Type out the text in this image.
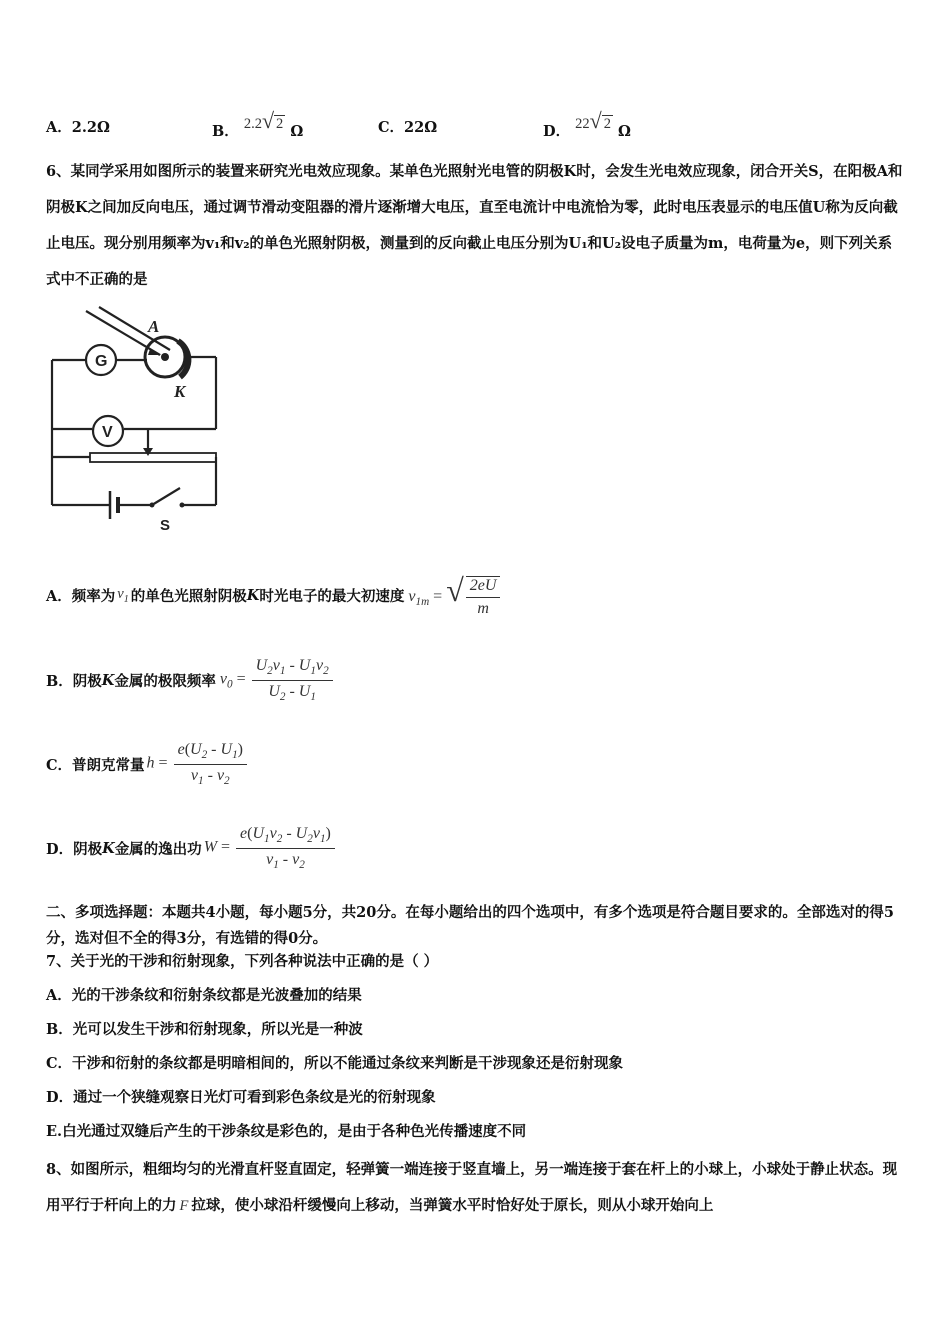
A．2.2Ω	B． 2.2√ 2 Ω	C．22Ω	D． 22√ 2 Ω
6、某同学采用如图所示的装置来研究光电效应现象。某单色光照射光电管的阴极K时，会发生光电效应现象，闭合开关S，在阳极A和阴极K之间加反向电压，通过调节滑动变阻器的滑片逐渐增大电压，直至电流计中电流恰为零，此时电压表显示的电压值U称为反向截止电压。现分别用频率为v₁和v₂的单色光照射阴极，测量到的反向截止电压分别为U₁和U₂设电子质量为m，电荷量为e，则下列关系 式中不正确的是
G
V
A
K
S
A． 频率为 $v_1$ 的单色光照射阴极 K 时光电子的最大初速度 $v_{1m}$ = √ $\frac{2eU}{m}$
B． 阴极 K 金属的极限频率 $v_0 = \frac{U_2v_1 - U_1v_2}{U_2 - U_1}$
C． 普朗克常量 $h = \frac{e(U_2 - U_1)}{v_1 - v_2}$
D． 阴极 K 金属的逸出功 $W = \frac{e(U_1v_2 - U_2v_1)}{v_1 - v_2}$
二、多项选择题：本题共4小题，每小题5分，共20分。在每小题给出的四个选项中，有多个选项是符合题目要求的。全部选对的得5分，选对但不全的得3分，有选错的得0分。
7、关于光的干涉和衍射现象，下列各种说法中正确的是（ ）
A．光的干涉条纹和衍射条纹都是光波叠加的结果
B．光可以发生干涉和衍射现象，所以光是一种波
C．干涉和衍射的条纹都是明暗相间的，所以不能通过条纹来判断是干涉现象还是衍射现象
D．通过一个狭缝观察日光灯可看到彩色条纹是光的衍射现象
E.白光通过双缝后产生的干涉条纹是彩色的，是由于各种色光传播速度不同
8、如图所示，粗细均匀的光滑直杆竖直固定，轻弹簧一端连接于竖直墙上，另一端连接于套在杆上的小球上，小球处于静止状态。现用平行于杆向上的力 F 拉球，使小球沿杆缓慢向上移动，当弹簧水平时恰好处于原长，则从小球开始向上
